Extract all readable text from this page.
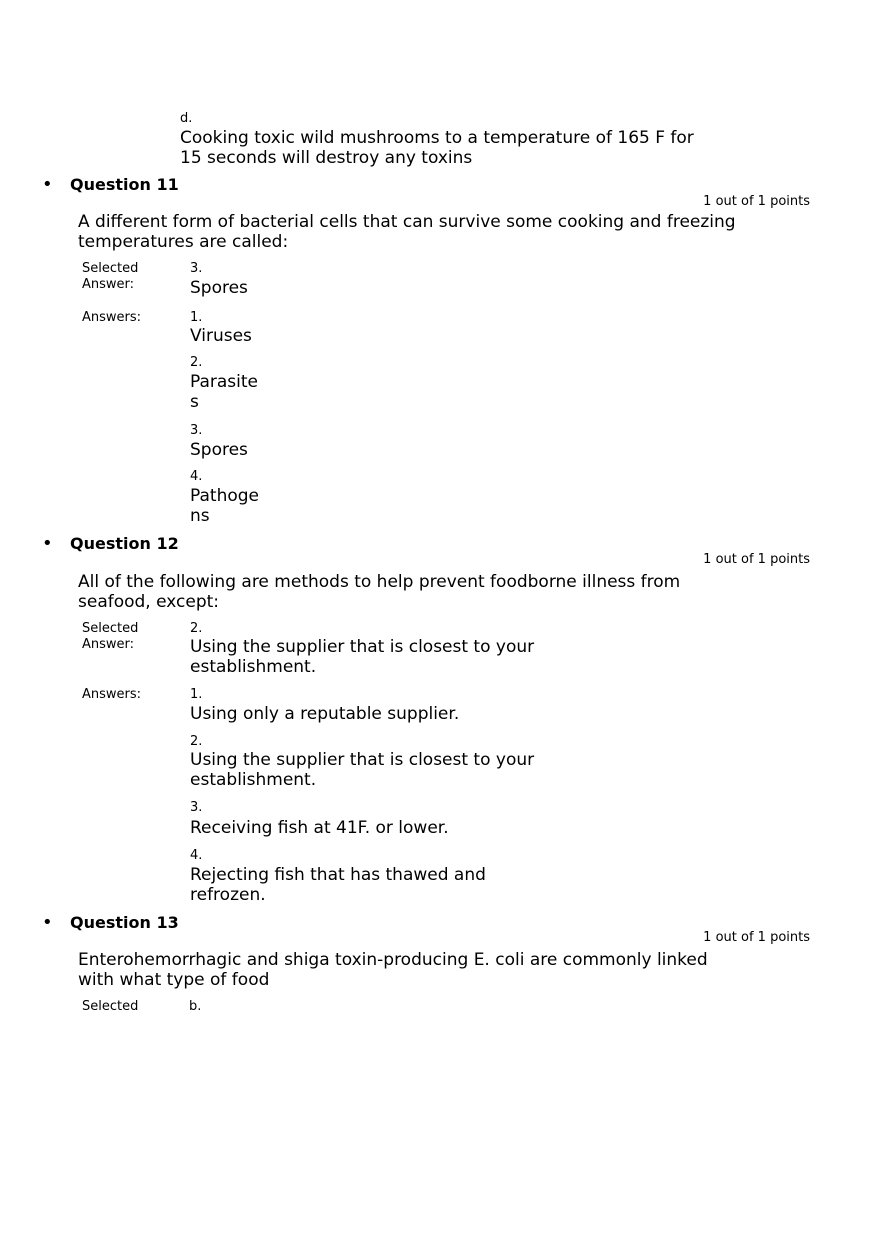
d.
Cooking toxic wild mushrooms to a temperature of 165 F for 15 seconds will destroy any toxins
• Question 11
1 out of 1 points
A different form of bacterial cells that can survive some cooking and freezing temperatures are called:
Selected Answer:
3.
Spores
Answers:	1.
Viruses
2.
Parasites
3.
Spores
4.
Pathogens
• Question 12
1 out of 1 points
All of the following are methods to help prevent foodborne illness from seafood, except:
Selected Answer:
2.
Using the supplier that is closest to your establishment.
Answers:	1.
Using only a reputable supplier.
2.
Using the supplier that is closest to your establishment.
3.
Receiving fish at 41F. or lower.
4.
Rejecting fish that has thawed and refrozen.
• Question 13
1 out of 1 points
Enterohemorrhagic and shiga toxin-producing E. coli are commonly linked with what type of food
Selected	b.
